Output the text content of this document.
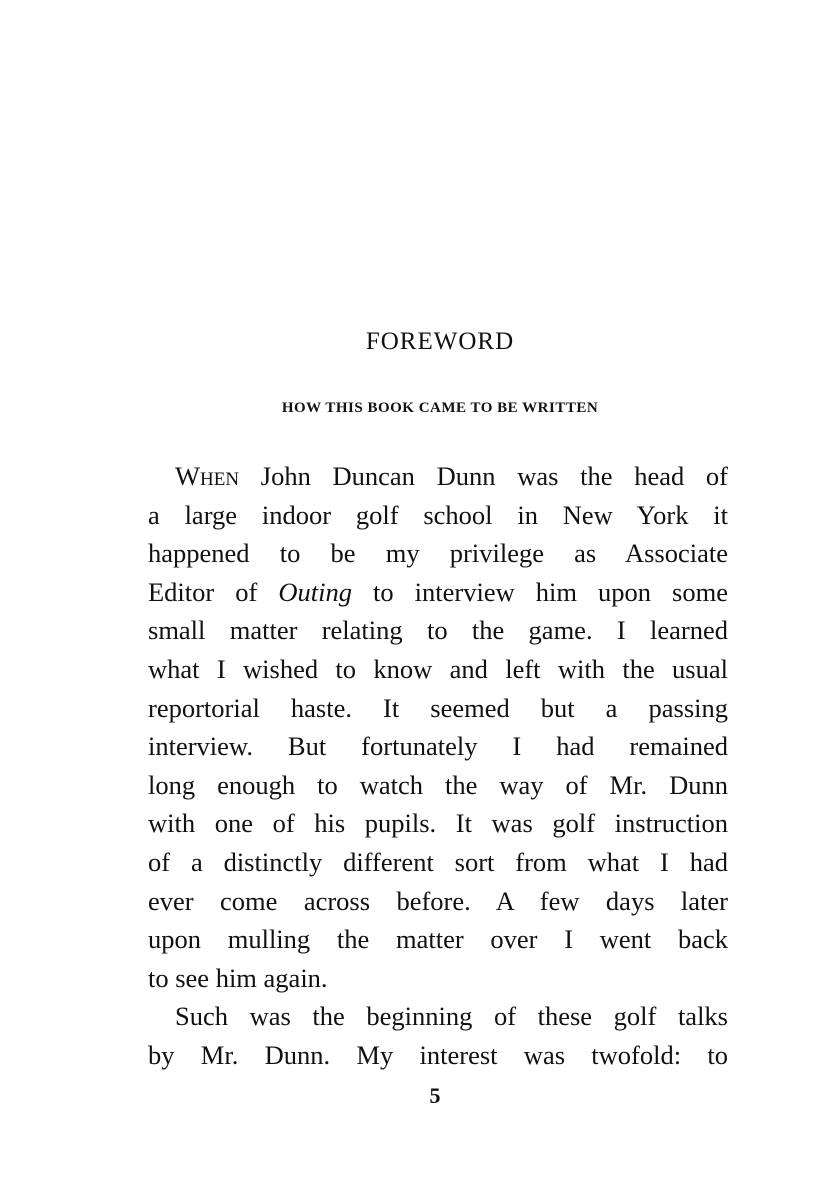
FOREWORD
HOW THIS BOOK CAME TO BE WRITTEN
When John Duncan Dunn was the head of
a large indoor golf school in New York it
happened to be my privilege as Associate
Editor of Outing to interview him upon some
small matter relating to the game. I learned
what I wished to know and left with the usual
reportorial haste. It seemed but a passing
interview. But fortunately I had remained
long enough to watch the way of Mr. Dunn
with one of his pupils. It was golf instruction
of a distinctly different sort from what I had
ever come across before. A few days later
upon mulling the matter over I went back
to see him again.
Such was the beginning of these golf talks
by Mr. Dunn. My interest was twofold: to
5
